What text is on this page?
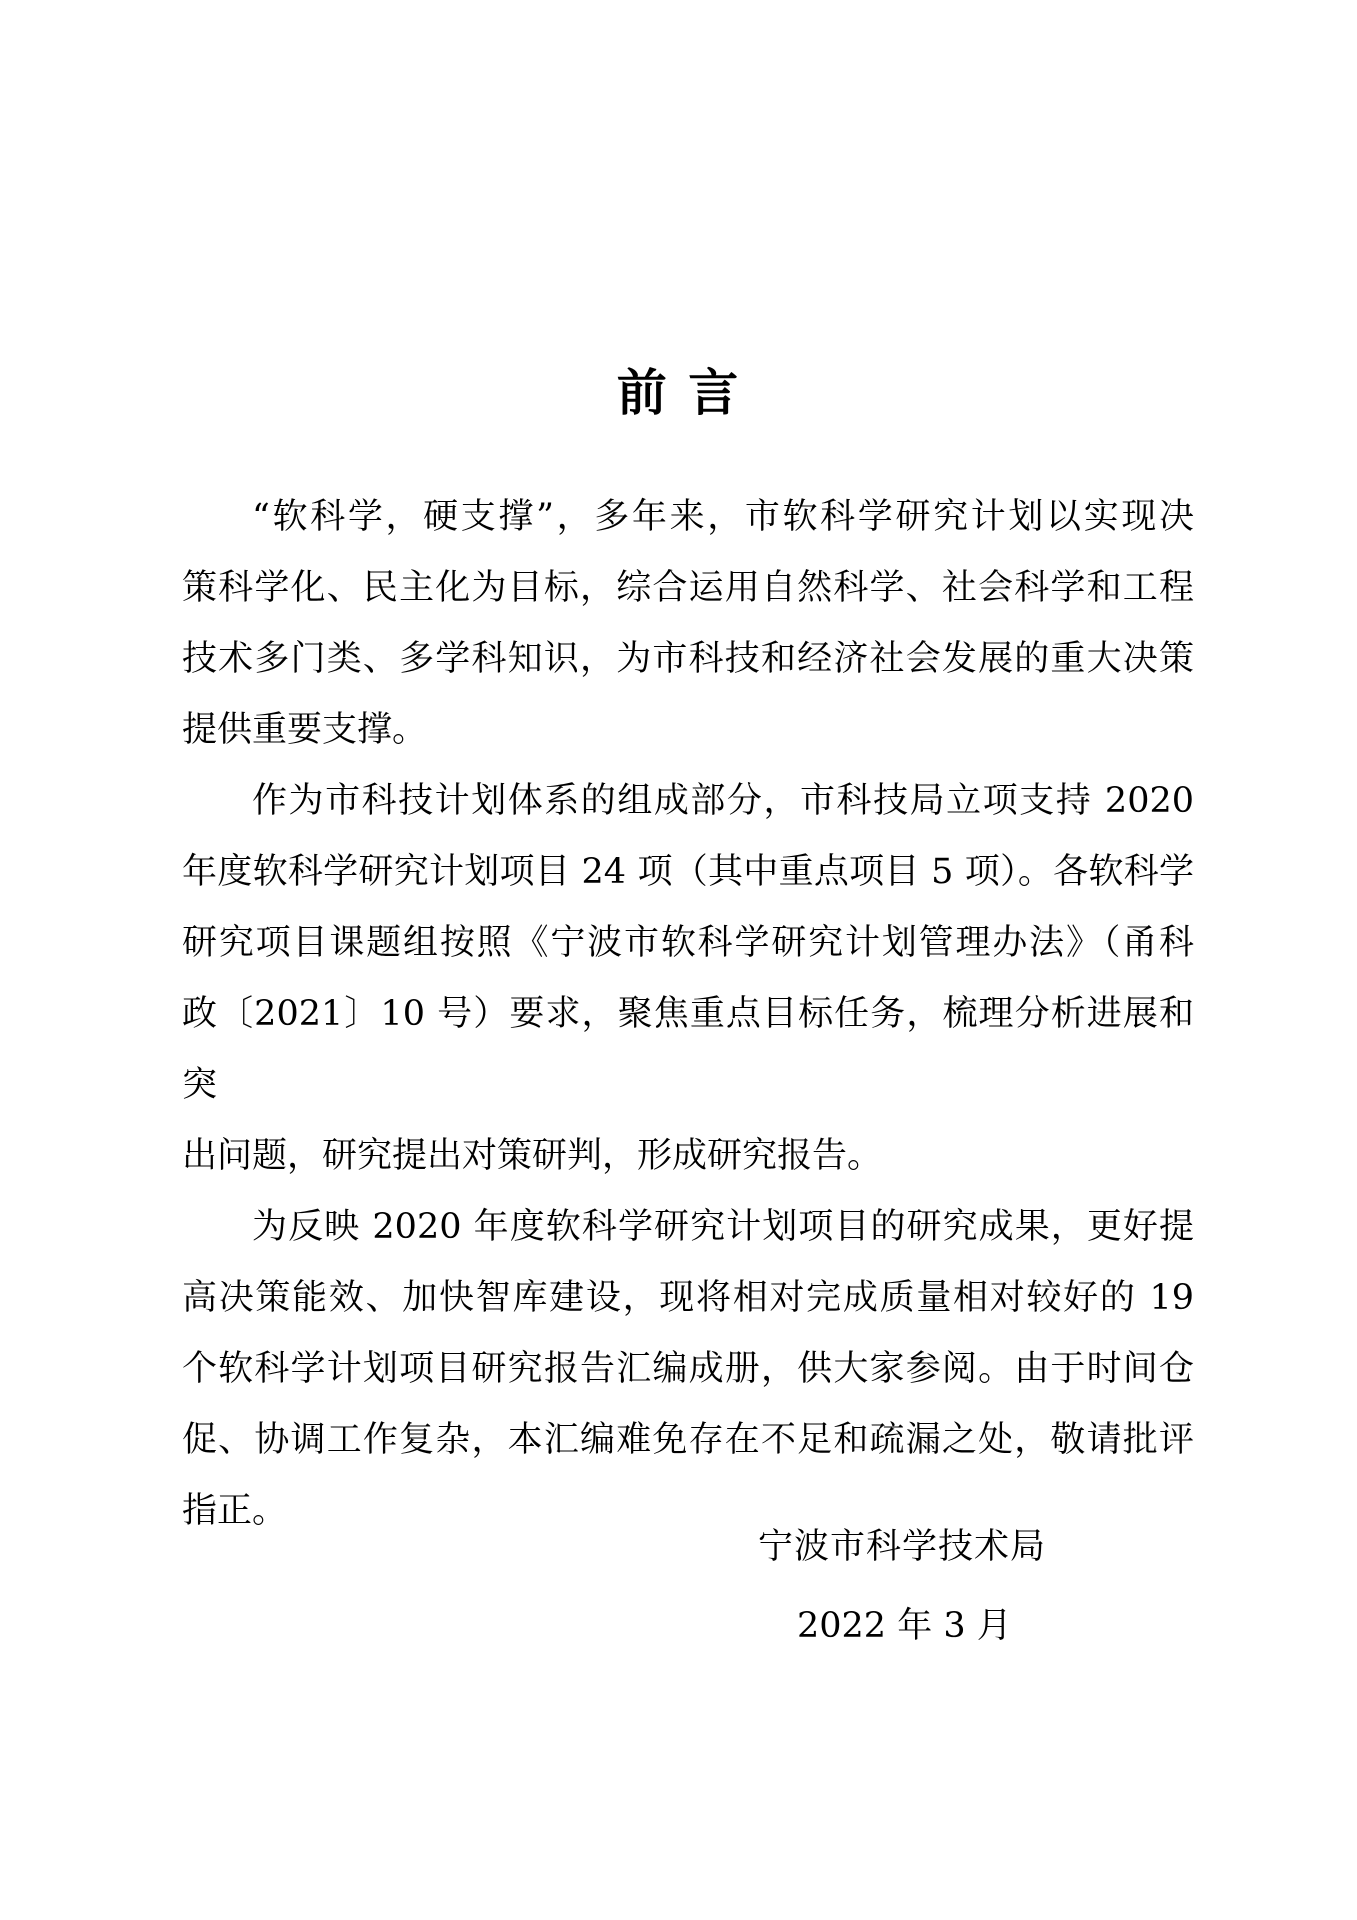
前 言

“软科学，硬支撑”，多年来，市软科学研究计划以实现决
策科学化、民主化为目标，综合运用自然科学、社会科学和工程
技术多门类、多学科知识，为市科技和经济社会发展的重大决策
提供重要支撑。

作为市科技计划体系的组成部分，市科技局立项支持 2020
年度软科学研究计划项目 24 项（其中重点项目 5 项）。各软科学
研究项目课题组按照《宁波市软科学研究计划管理办法》（甬科
政〔2021〕10 号）要求，聚焦重点目标任务，梳理分析进展和突
出问题，研究提出对策研判，形成研究报告。

为反映 2020 年度软科学研究计划项目的研究成果，更好提
高决策能效、加快智库建设，现将相对完成质量相对较好的 19
个软科学计划项目研究报告汇编成册，供大家参阅。由于时间仓
促、协调工作复杂，本汇编难免存在不足和疏漏之处，敬请批评
指正。

宁波市科学技术局
2022 年 3 月
